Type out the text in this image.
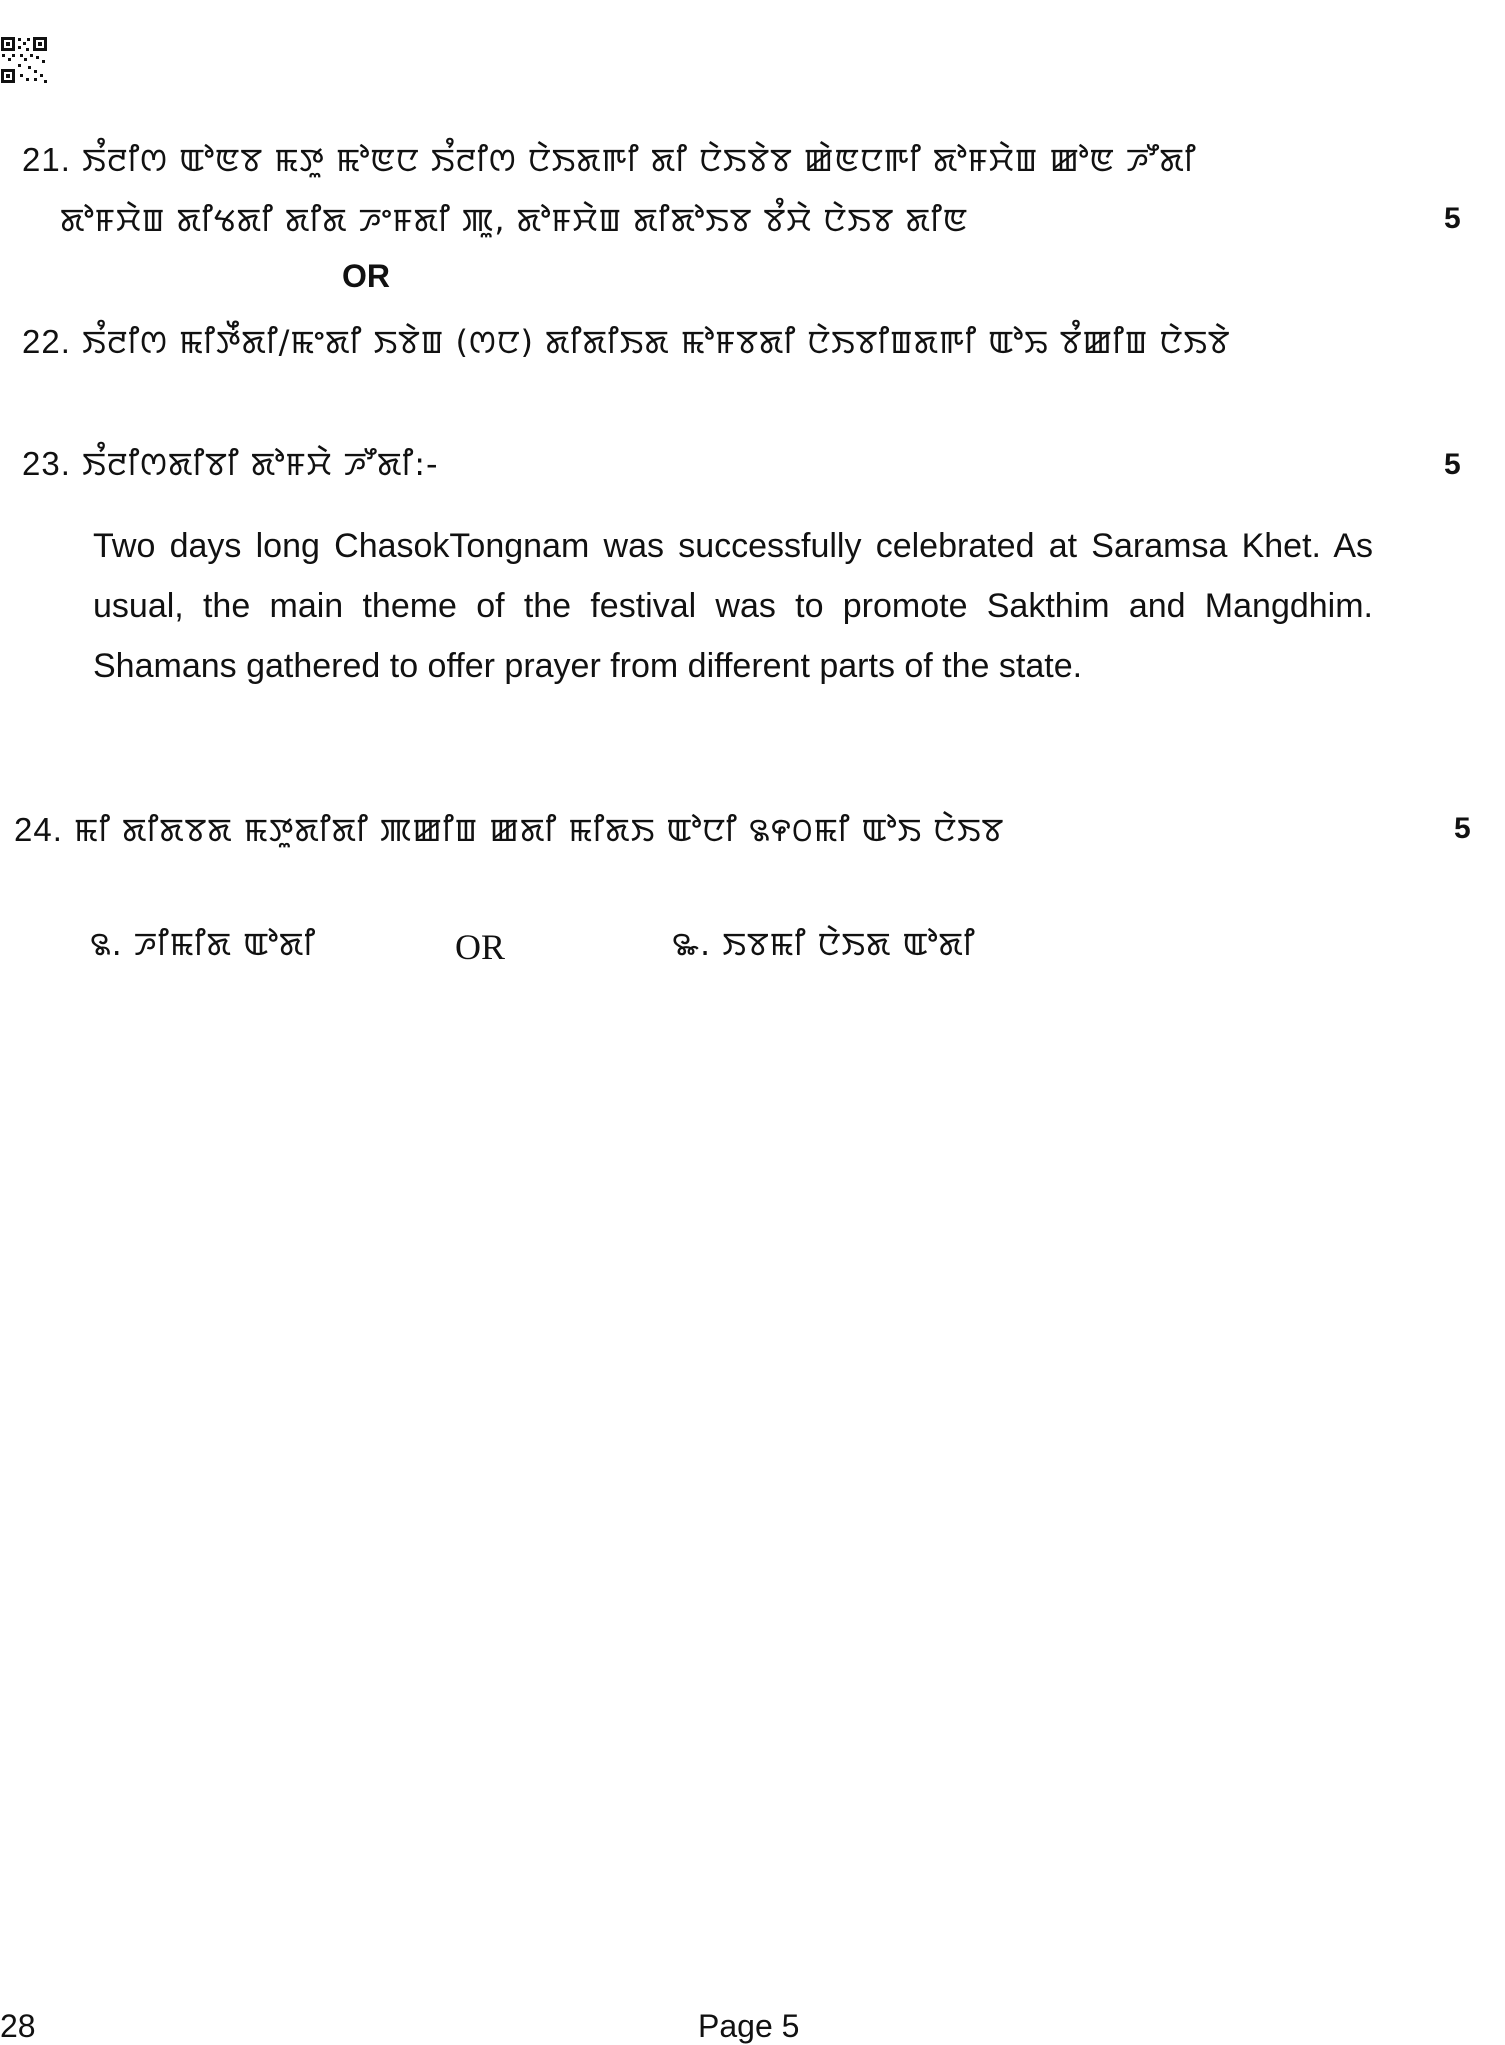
21. ꯏꯪꯂꯤꯁ ꯑꯣꯟꯕ ꯃꯇꯨ ꯃꯣꯟꯅ ꯏꯪꯂꯤꯁ ꯅꯥꯏꯗꯒꯤ ꯗꯤ ꯅꯥꯏꯕꯥꯕ ꯀꯥꯟꯅꯒꯤ ꯗꯣꯝꯆꯥꯡ ꯀꯣꯟ ꯍꯧꯗꯤ
ꯗꯣꯝꯆꯥꯡ ꯗꯤꯠꯗꯤ ꯗꯤꯗ ꯍꯦꯝꯗꯤ ꯄꯨ, ꯗꯣꯝꯆꯥꯡ ꯗꯤꯗꯣꯏꯕ ꯕꯪꯆꯥ ꯅꯥꯏꯕ ꯗꯤꯟ	5
OR
22. ꯏꯪꯂꯤꯁ ꯃꯤꯇꯩꯗꯤ/ꯃꯦꯗꯤ ꯏꯕꯥꯡ (ꯁꯅ) ꯗꯤꯗꯤꯏꯗ ꯃꯣꯝꯕꯗꯤ ꯅꯥꯏꯕꯤꯡꯗꯒꯤ ꯑꯣꯢ ꯕꯪꯀꯤꯡ ꯅꯥꯏꯕꯥ
23. ꯏꯪꯂꯤꯁꯗꯤꯕꯤ ꯗꯣꯝꯆꯥ ꯍꯧꯗꯤ:-	5
Two days long ChasokTongnam was successfully celebrated at Saramsa Khet. As usual, the main theme of the festival was to promote Sakthim and Mangdhim. Shamans gathered to offer prayer from different parts of the state.
24. ꯃꯤ ꯗꯤꯗꯕꯗ ꯃꯇꯨꯗꯤꯗꯤ ꯄꯀꯤꯡ ꯀꯗꯤ ꯃꯤꯗꯏ ꯑꯣꯅꯤ ꯲꯵꯰ꯃꯤ ꯑꯣꯏ ꯅꯥꯏꯕ	5
꯲. ꯍꯤꯃꯤꯗ ꯑꯣꯗꯤ	OR	꯳. ꯏꯕꯃꯤ ꯅꯥꯏꯗ ꯑꯣꯗꯤ
28	Page 5
